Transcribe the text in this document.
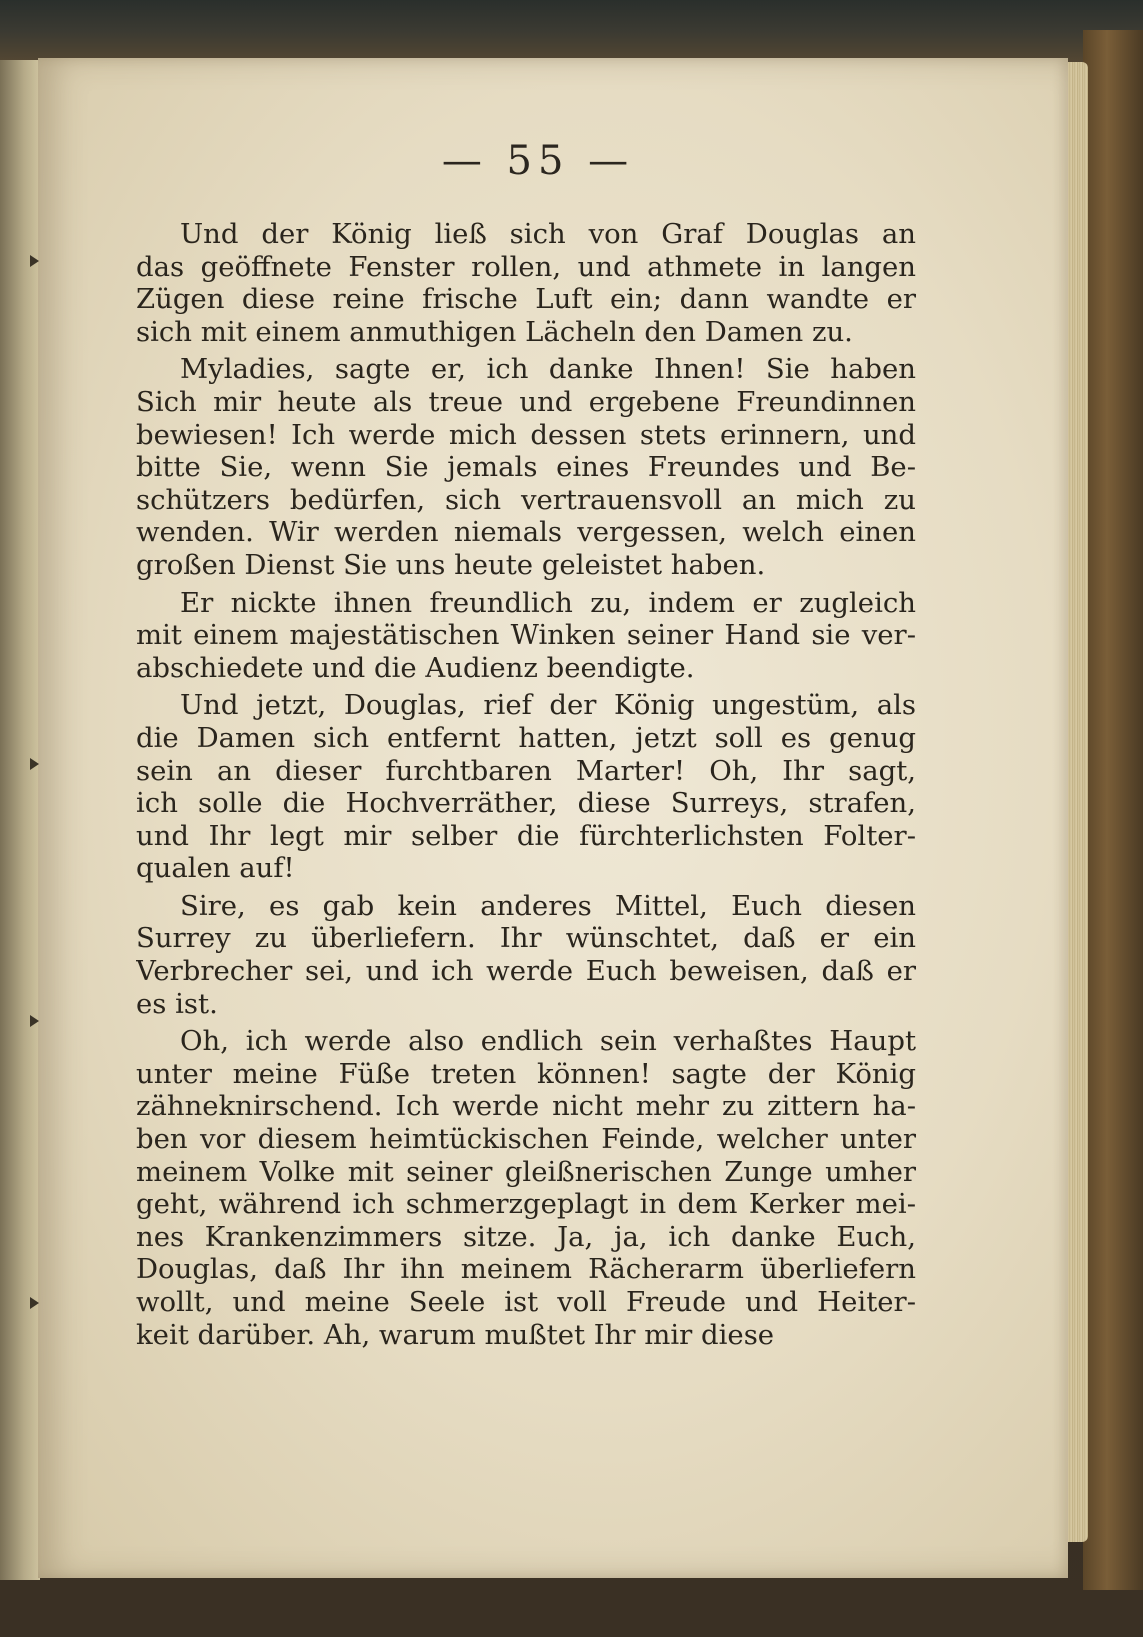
— 55 —
Und der König ließ sich von Graf Douglas an
das geöffnete Fenster rollen, und athmete in langen
Zügen diese reine frische Luft ein; dann wandte er
sich mit einem anmuthigen Lächeln den Damen zu.
Myladies, sagte er, ich danke Ihnen! Sie haben
Sich mir heute als treue und ergebene Freundinnen
bewiesen! Ich werde mich dessen stets erinnern, und
bitte Sie, wenn Sie jemals eines Freundes und Be-
schützers bedürfen, sich vertrauensvoll an mich zu
wenden. Wir werden niemals vergessen, welch einen
großen Dienst Sie uns heute geleistet haben.
Er nickte ihnen freundlich zu, indem er zugleich
mit einem majestätischen Winken seiner Hand sie ver-
abschiedete und die Audienz beendigte.
Und jetzt, Douglas, rief der König ungestüm, als
die Damen sich entfernt hatten, jetzt soll es genug
sein an dieser furchtbaren Marter! Oh, Ihr sagt,
ich solle die Hochverräther, diese Surreys, strafen,
und Ihr legt mir selber die fürchterlichsten Folter-
qualen auf!
Sire, es gab kein anderes Mittel, Euch diesen
Surrey zu überliefern. Ihr wünschtet, daß er ein
Verbrecher sei, und ich werde Euch beweisen, daß er
es ist.
Oh, ich werde also endlich sein verhaßtes Haupt
unter meine Füße treten können! sagte der König
zähneknirschend. Ich werde nicht mehr zu zittern ha-
ben vor diesem heimtückischen Feinde, welcher unter
meinem Volke mit seiner gleißnerischen Zunge umher
geht, während ich schmerzgeplagt in dem Kerker mei-
nes Krankenzimmers sitze. Ja, ja, ich danke Euch,
Douglas, daß Ihr ihn meinem Rächerarm überliefern
wollt, und meine Seele ist voll Freude und Heiter-
keit darüber. Ah, warum mußtet Ihr mir diese
